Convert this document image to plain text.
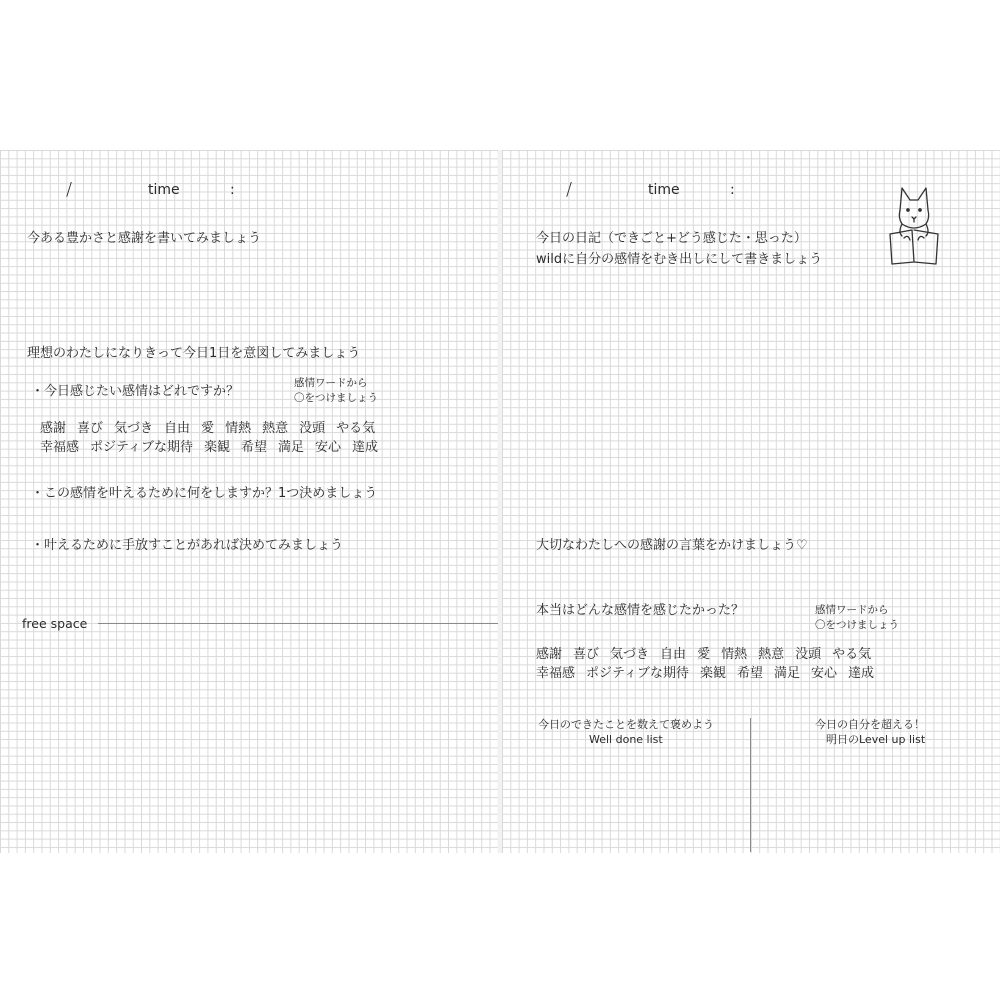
/	time	:
今ある豊かさと感謝を書いてみましょう
理想のわたしになりきって今日1日を意図してみましょう
・今日感じたい感情はどれですか？
感情ワードから
〇をつけましょう
感謝 喜び 気づき 自由 愛 情熱 熱意 没頭 やる気
幸福感 ポジティブな期待 楽観 希望 満足 安心 達成
・この感情を叶えるために何をしますか？1つ決めましょう
・叶えるために手放すことがあれば決めてみましょう
free space
/	time	:
今日の日記（できごと+どう感じた・思った）
wildに自分の感情をむき出しにして書きましょう
大切なわたしへの感謝の言葉をかけましょう♡
本当はどんな感情を感じたかった？	感情ワードから
〇をつけましょう
感謝 喜び 気づき 自由 愛 情熱 熱意 没頭 やる気
幸福感 ポジティブな期待 楽観 希望 満足 安心 達成
今日のできたことを数えて褒めよう
Well done list
今日の自分を超える！
明日のLevel up list
